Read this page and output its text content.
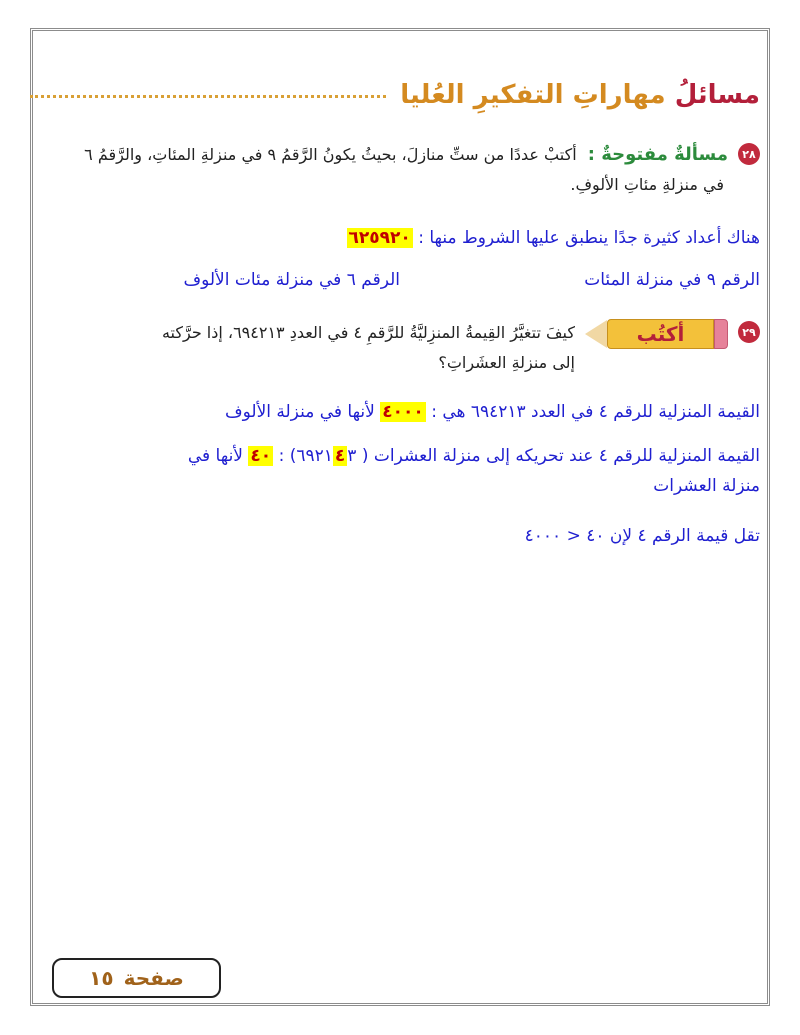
مسائلُ مهاراتِ التفكيرِ العُليا
٢٨
مسألةٌ مفتوحةٌ : أكتبْ عددًا من ستِّ منازلَ، بحيثُ يكونُ الرَّقمُ ٩ في منزلةِ المئاتِ، والرَّقمُ ٦
في منزلةِ مئاتِ الألوفِ.
هناك أعداد كثيرة جدًا ينطبق عليها الشروط منها : ٦٢٥٩٢٠
الرقم ٩ في منزلة المئات
الرقم ٦ في منزلة مئات الألوف
٢٩
أكتُب
كيفَ تتغيَّرُ القِيمةُ المنزِليَّةُ للرَّقمِ ٤ في العددِ ٦٩٤٢١٣، إذا حرَّكته
إلى منزلةِ العشَراتِ؟
القيمة المنزلية للرقم ٤ في العدد ٦٩٤٢١٣ هي : ٤٠٠٠ لأنها في منزلة الألوف
القيمة المنزلية للرقم ٤ عند تحريكه إلى منزلة العشرات ( ٦٩٢١٤٣) : ٤٠ لأنها في
منزلة العشرات
تقل قيمة الرقم ٤ لإن ٤٠ < ٤٠٠٠
صفحة
١٥
